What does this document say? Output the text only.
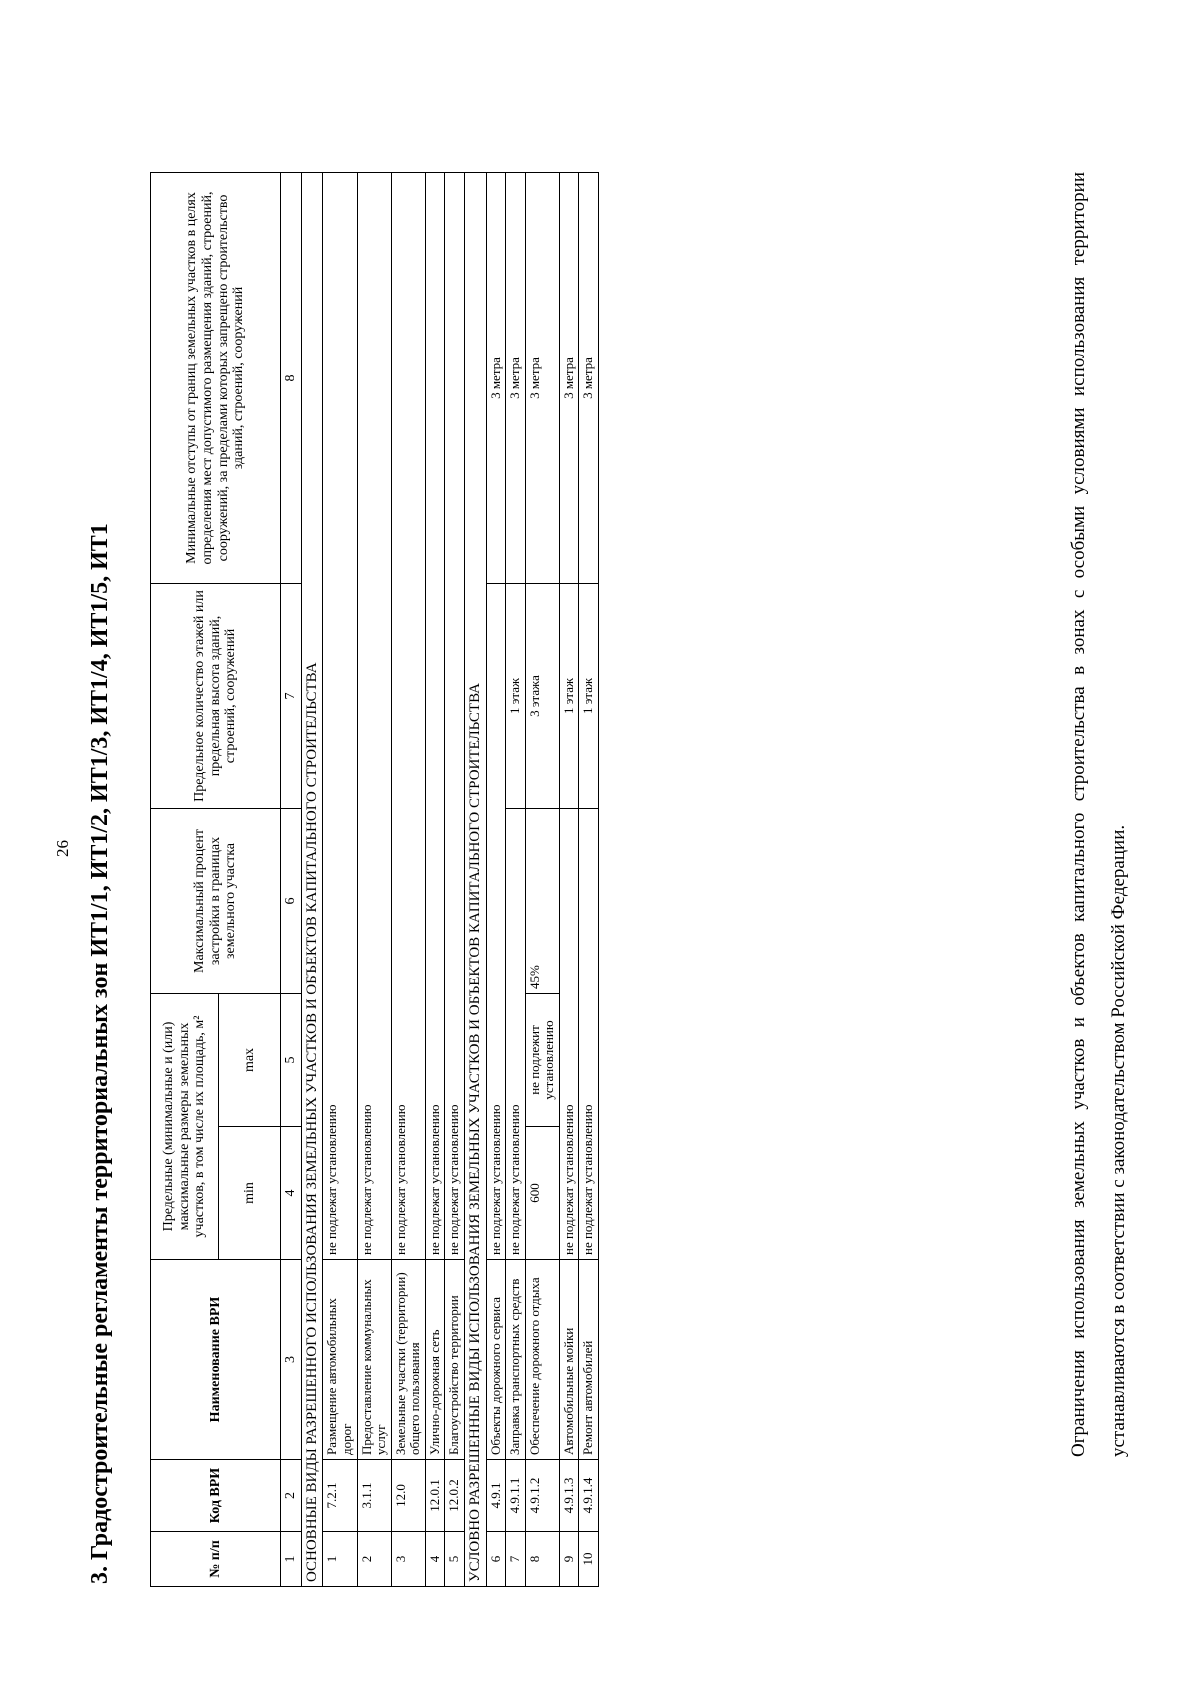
26 3. Градостроительные регламенты территориальных зон ИТ1/1, ИТ1/2, ИТ1/3, ИТ1/4, ИТ1/5, ИТ1	№ п/п	Код ВРИ	Наименование ВРИ	Предельные (минимальные и (или) максимальные размеры земельных участков, в том числе их площадь, м²		Максимальный процент застройки в границах земельного участка	Предельное количество этажей или предельная высота зданий, строений, сооружений	Минимальные отступы от границ земельных участков в целях определения мест допустимого размещения зданий, строений, сооружений, за пределами которых запрещено строительство зданий, строений, сооружений
			min	max			
1	2	3	4	5	6	7	8
ОСНОВНЫЕ ВИДЫ РАЗРЕШЕННОГО ИСПОЛЬЗОВАНИЯ ЗЕМЕЛЬНЫХ УЧАСТКОВ И ОБЪЕКТОВ КАПИТАЛЬНОГО СТРОИТЕЛЬСТВА							
1	7.2.1	Размещение автомобильных дорог	не подлежат установлению				
2	3.1.1	Предоставление коммунальных услуг	не подлежат установлению				
3	12.0	Земельные участки (территории) общего пользования	не подлежат установлению				
4	12.0.1	Улично-дорожная сеть	не подлежат установлению				
5	12.0.2	Благоустройство территории	не подлежат установлению				
УСЛОВНО РАЗРЕШЕННЫЕ ВИДЫ ИСПОЛЬЗОВАНИЯ ЗЕМЕЛЬНЫХ УЧАСТКОВ И ОБЪЕКТОВ КАПИТАЛЬНОГО СТРОИТЕЛЬСТВА							
6	4.9.1	Объекты дорожного сервиса	не подлежат установлению				3 метра
7	4.9.1.1	Заправка транспортных средств	не подлежат установлению			1 этаж	3 метра
8	4.9.1.2	Обеспечение дорожного отдыха	600	не подлежит установлению	45%	3 этажа	3 метра
9	4.9.1.3	Автомобильные мойки	не подлежат установлению			1 этаж	3 метра
10	4.9.1.4	Ремонт автомобилей	не подлежат установлению			1 этаж	3 метра	Ограничения использования земельных участков и объектов капитального строительства в зонах с особыми условиями использования территории устанавливаются в соответствии с законодательством Российской Федерации.
